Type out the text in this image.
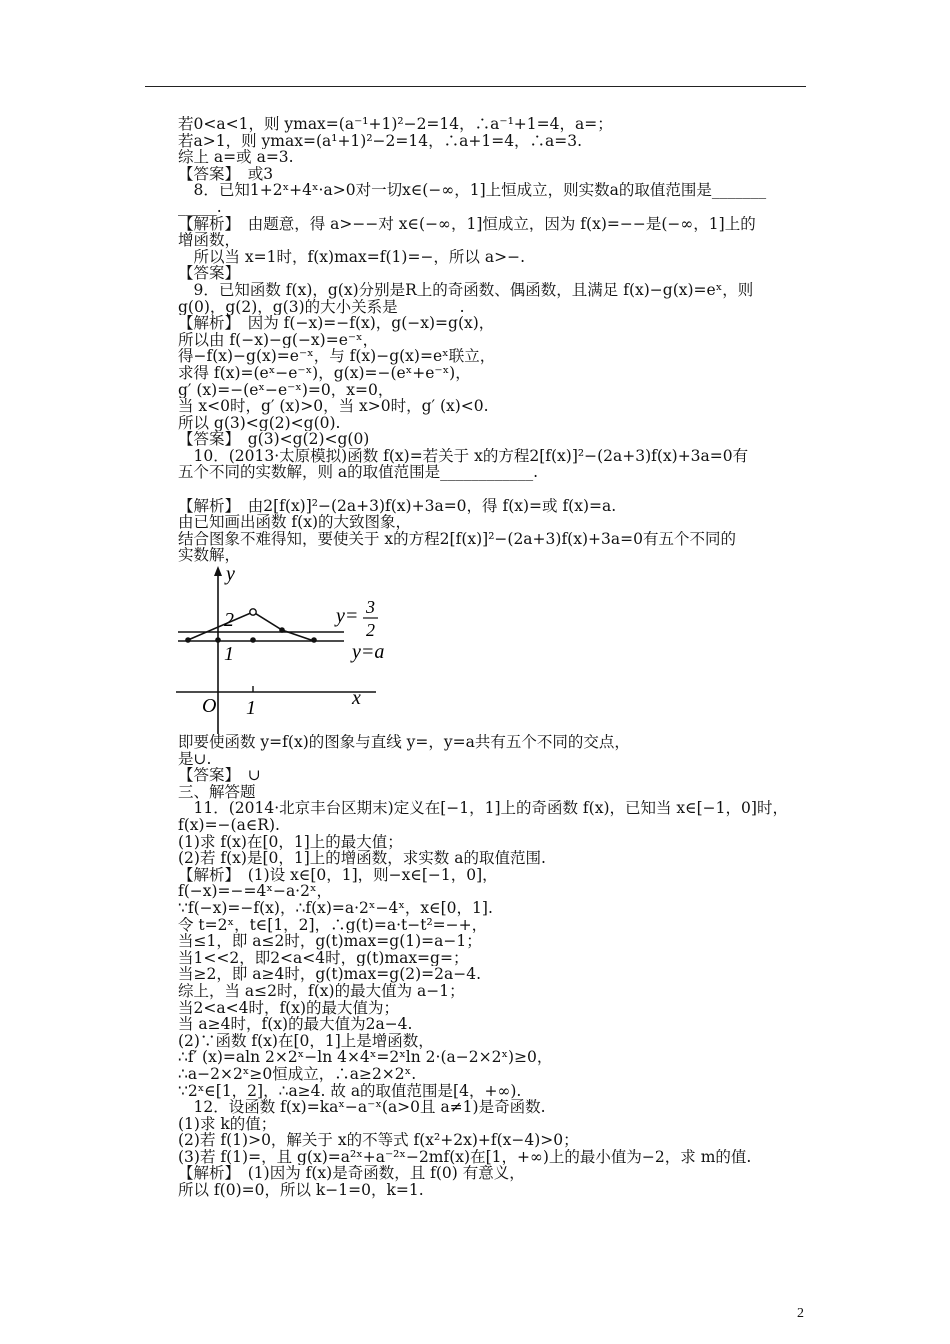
若0<a<1，则 ymax=(a⁻¹+1)²−2=14，∴a⁻¹+1=4，a=；
若a>1，则 ymax=(a¹+1)²−2=14，∴a+1=4，∴a=3.
综上 a=或 a=3.
【答案】　或3
　8．已知1+2ˣ+4ˣ·a>0对一切x∈(−∞，1]上恒成立，则实数a的取值范围是_______
_____.
【解析】　由题意，得 a>−−对 x∈(−∞，1]恒成立，因为 f(x)=−−是(−∞，1]上的
增函数，
　所以当 x=1时，f(x)max=f(1)=−，所以 a>−.
【答案】
　9．已知函数 f(x)，g(x)分别是R上的奇函数、偶函数，且满足 f(x)−g(x)=eˣ，则
g(0)，g(2)，g(3)的大小关系是________.
【解析】　因为 f(−x)=−f(x)，g(−x)=g(x)，
所以由 f(−x)−g(−x)=e⁻ˣ，
得−f(x)−g(x)=e⁻ˣ，与 f(x)−g(x)=eˣ联立，
求得 f(x)=(eˣ−e⁻ˣ)，g(x)=−(eˣ+e⁻ˣ)，
g′ (x)=−(eˣ−e⁻ˣ)=0，x=0，
当 x<0时，g′ (x)>0，当 x>0时，g′ (x)<0.
所以 g(3)<g(2)<g(0).
【答案】　g(3)<g(2)<g(0)
　10．(2013·太原模拟)函数 f(x)=若关于 x的方程2[f(x)]²−(2a+3)f(x)+3a=0有
五个不同的实数解，则 a的取值范围是____________.
【解析】　由2[f(x)]²−(2a+3)f(x)+3a=0，得 f(x)=或 f(x)=a.
由已知画出函数 f(x)的大致图象，
结合图象不难得知，要使关于 x的方程2[f(x)]²−(2a+3)f(x)+3a=0有五个不同的
实数解，
y
x
O 1
2
1
y= 3
2
y=a
即要使函数 y=f(x)的图象与直线 y=，y=a共有五个不同的交点，
是∪.
【答案】　∪
三、解答题
　11．(2014·北京丰台区期末)定义在[−1，1]上的奇函数 f(x)，已知当 x∈[−1，0]时，
f(x)=−(a∈R).
(1)求 f(x)在[0，1]上的最大值；
(2)若 f(x)是[0，1]上的增函数，求实数 a的取值范围.
【解析】　(1)设 x∈[0，1]，则−x∈[−1，0]，
f(−x)=−=4ˣ−a·2ˣ，
∵f(−x)=−f(x)，∴f(x)=a·2ˣ−4ˣ，x∈[0，1].
令 t=2ˣ，t∈[1，2]，∴g(t)=a·t−t²=−+，
当≤1，即 a≤2时，g(t)max=g(1)=a−1；
当1<<2，即2<a<4时，g(t)max=g=；
当≥2，即 a≥4时，g(t)max=g(2)=2a−4.
综上，当 a≤2时，f(x)的最大值为 a−1；
当2<a<4时，f(x)的最大值为；
当 a≥4时，f(x)的最大值为2a−4.
(2)∵函数 f(x)在[0，1]上是增函数，
∴f′ (x)=aln 2×2ˣ−ln 4×4ˣ=2ˣln 2·(a−2×2ˣ)≥0，
∴a−2×2ˣ≥0恒成立，∴a≥2×2ˣ.
∵2ˣ∈[1，2]，∴a≥4. 故 a的取值范围是[4，+∞).
　12．设函数 f(x)=kaˣ−a⁻ˣ(a>0且 a≠1)是奇函数.
(1)求 k的值；
(2)若 f(1)>0，解关于 x的不等式 f(x²+2x)+f(x−4)>0；
(3)若 f(1)=，且 g(x)=a²ˣ+a⁻²ˣ−2mf(x)在[1，+∞)上的最小值为−2，求 m的值.
【解析】　(1)因为 f(x)是奇函数，且 f(0) 有意义，
所以 f(0)=0，所以 k−1=0，k=1.
2
